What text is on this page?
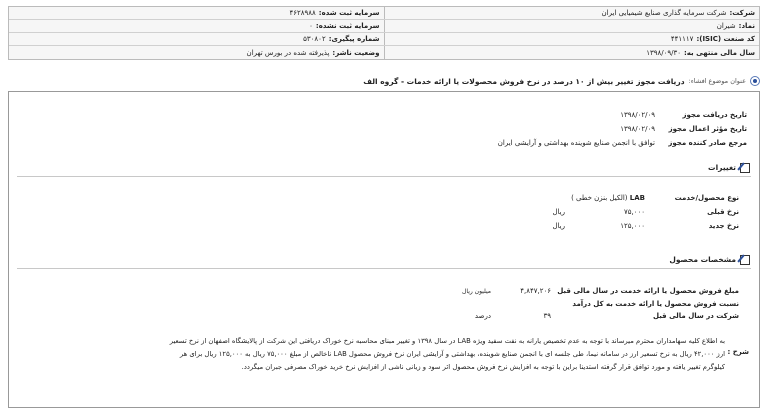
شرکت:
شرکت سرمایه گذاری صنایع شیمیایی ایران
سرمایه ثبت شده:
۴۶۲۸۹۸۸
نماد:
شیران
سرمایه ثبت نشده:
۰
کد صنعت (ISIC):
۴۴۱۱۱۷
شماره پیگیری:
۵۳۰۸۰۲
سال مالی منتهی به:
۱۳۹۸/۰۹/۳۰
وضعیت ناشر:
پذیرفته شده در بورس تهران
عنوان موضوع افشاء:
دریافت مجوز تغییر بیش از ۱۰ درصد در نرخ فروش محصولات یا ارائه خدمات - گروه الف
تاریخ دریافت مجوز
۱۳۹۸/۰۲/۰۹
تاریخ مؤثر اعمال مجوز
۱۳۹۸/۰۲/۰۹
مرجع صادر کننده مجوز
توافق با انجمن صنایع شوینده بهداشتی و آرایشی ایران
تغییرات
نوع محصول/خدمت
LAB (الکیل بنزن خطی )
نرخ قبلی
۷۵,۰۰۰
ریال
نرخ جدید
۱۲۵,۰۰۰
ریال
مشخصات محصول
مبلغ فروش محصول یا ارائه خدمت در سال مالی قبل
۴,۸۴۷,۲۰۶
میلیون ریال
نسبت فروش محصول یا ارائه خدمت به کل درآمد
شرکت در سال مالی قبل
۳۹
درصد
شرح :
به اطلاع کلیه سهامداران محترم میرساند با توجه به عدم تخصیص یارانه به نفت سفید ویژه LAB در سال ۱۳۹۸ و تغییر مبنای محاسبه نرخ خوراک دریافتی این شرکت از پالایشگاه اصفهان از نرخ تسعیر
ارز ۴۲,۰۰۰ ریال به نرخ تسعیر ارز در سامانه نیما، طی جلسه ای با انجمن صنایع شوینده، بهداشتی و آرایشی ایران نرخ فروش محصول LAB ناخالص از مبلغ ۷۵,۰۰۰ ریال به ۱۲۵,۰۰۰ ریال برای هر
کیلوگرم تغییر یافته و مورد توافق قرار گرفته استدینا براین با توجه به افزایش نرخ فروش محصول اثر سود و زیانی ناشی از افزایش نرخ خرید خوراک مصرفی جبران میگردد.
